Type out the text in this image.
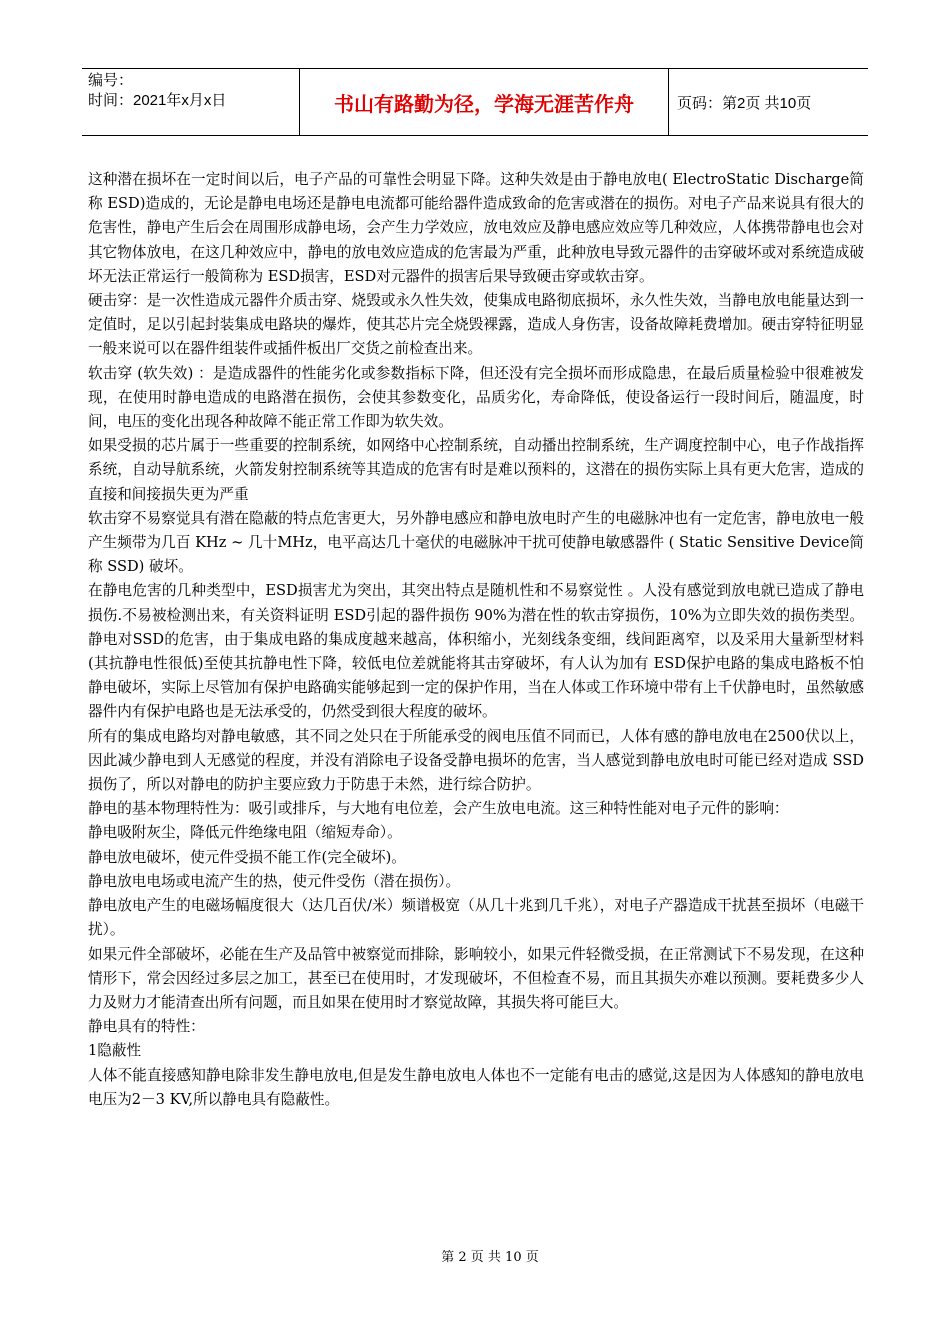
编号：
时间：2021年x月x日	书山有路勤为径，学海无涯苦作舟	页码：第2页 共10页

这种潜在损坏在一定时间以后，电子产品的可靠性会明显下降。这种失效是由于静电放电( ElectroStatic Discharge简称 ESD)造成的，无论是静电电场还是静电电流都可能给器件造成致命的危害或潜在的损伤。对电子产品来说具有很大的危害性，静电产生后会在周围形成静电场，会产生力学效应，放电效应及静电感应效应等几种效应，人体携带静电也会对其它物体放电，在这几种效应中，静电的放电效应造成的危害最为严重，此种放电导致元器件的击穿破坏或对系统造成破坏无法正常运行一般简称为 ESD损害，ESD对元器件的损害后果导致硬击穿或软击穿。

硬击穿：是一次性造成元器件介质击穿、烧毁或永久性失效，使集成电路彻底损坏，永久性失效，当静电放电能量达到一定值时，足以引起封装集成电路块的爆炸，使其芯片完全烧毁裸露，造成人身伤害，设备故障耗费增加。硬击穿特征明显一般来说可以在器件组装件或插件板出厂交货之前检查出来。

软击穿 (软失效) ：是造成器件的性能劣化或参数指标下降，但还没有完全损坏而形成隐患，在最后质量检验中很难被发现，在使用时静电造成的电路潜在损伤，会使其参数变化，品质劣化，寿命降低，使设备运行一段时间后，随温度，时间，电压的变化出现各种故障不能正常工作即为软失效。

如果受损的芯片属于一些重要的控制系统，如网络中心控制系统，自动播出控制系统，生产调度控制中心，电子作战指挥系统，自动导航系统，火箭发射控制系统等其造成的危害有时是难以预料的，这潜在的损伤实际上具有更大危害，造成的直接和间接损失更为严重

软击穿不易察觉具有潜在隐蔽的特点危害更大，另外静电感应和静电放电时产生的电磁脉冲也有一定危害，静电放电一般产生频带为几百 KHz ~ 几十MHz，电平高达几十毫伏的电磁脉冲干扰可使静电敏感器件 ( Static Sensitive Device简称 SSD) 破坏。

在静电危害的几种类型中，ESD损害尤为突出，其突出特点是随机性和不易察觉性 。人没有感觉到放电就已造成了静电损伤.不易被检测出来，有关资料证明 ESD引起的器件损伤 90%为潜在性的软击穿损伤，10%为立即失效的损伤类型。静电对SSD的危害，由于集成电路的集成度越来越高，体积缩小，光刻线条变细，线间距离窄，以及采用大量新型材料(其抗静电性很低)至使其抗静电性下降，较低电位差就能将其击穿破坏，有人认为加有 ESD保护电路的集成电路板不怕静电破坏，实际上尽管加有保护电路确实能够起到一定的保护作用，当在人体或工作环境中带有上千伏静电时，虽然敏感器件内有保护电路也是无法承受的，仍然受到很大程度的破坏。

所有的集成电路均对静电敏感，其不同之处只在于所能承受的阀电压值不同而已，人体有感的静电放电在2500伏以上，因此减少静电到人无感觉的程度，并没有消除电子设备受静电损坏的危害，当人感觉到静电放电时可能已经对造成 SSD损伤了，所以对静电的防护主要应致力于防患于未然，进行综合防护。

静电的基本物理特性为：吸引或排斥，与大地有电位差，会产生放电电流。这三种特性能对电子元件的影响：

静电吸附灰尘，降低元件绝缘电阻（缩短寿命）。

静电放电破坏，使元件受损不能工作(完全破坏)。

静电放电电场或电流产生的热，使元件受伤（潜在损伤）。

静电放电产生的电磁场幅度很大（达几百伏/米）频谱极宽（从几十兆到几千兆），对电子产器造成干扰甚至损坏（电磁干扰）。

如果元件全部破坏，必能在生产及品管中被察觉而排除，影响较小，如果元件轻微受损，在正常测试下不易发现，在这种情形下，常会因经过多层之加工，甚至已在使用时，才发现破坏，不但检查不易，而且其损失亦难以预测。要耗费多少人力及财力才能清查出所有问题，而且如果在使用时才察觉故障，其损失将可能巨大。

静电具有的特性：

1隐蔽性

人体不能直接感知静电除非发生静电放电,但是发生静电放电人体也不一定能有电击的感觉,这是因为人体感知的静电放电电压为2－3 KV,所以静电具有隐蔽性。

第 2 页 共 10 页
